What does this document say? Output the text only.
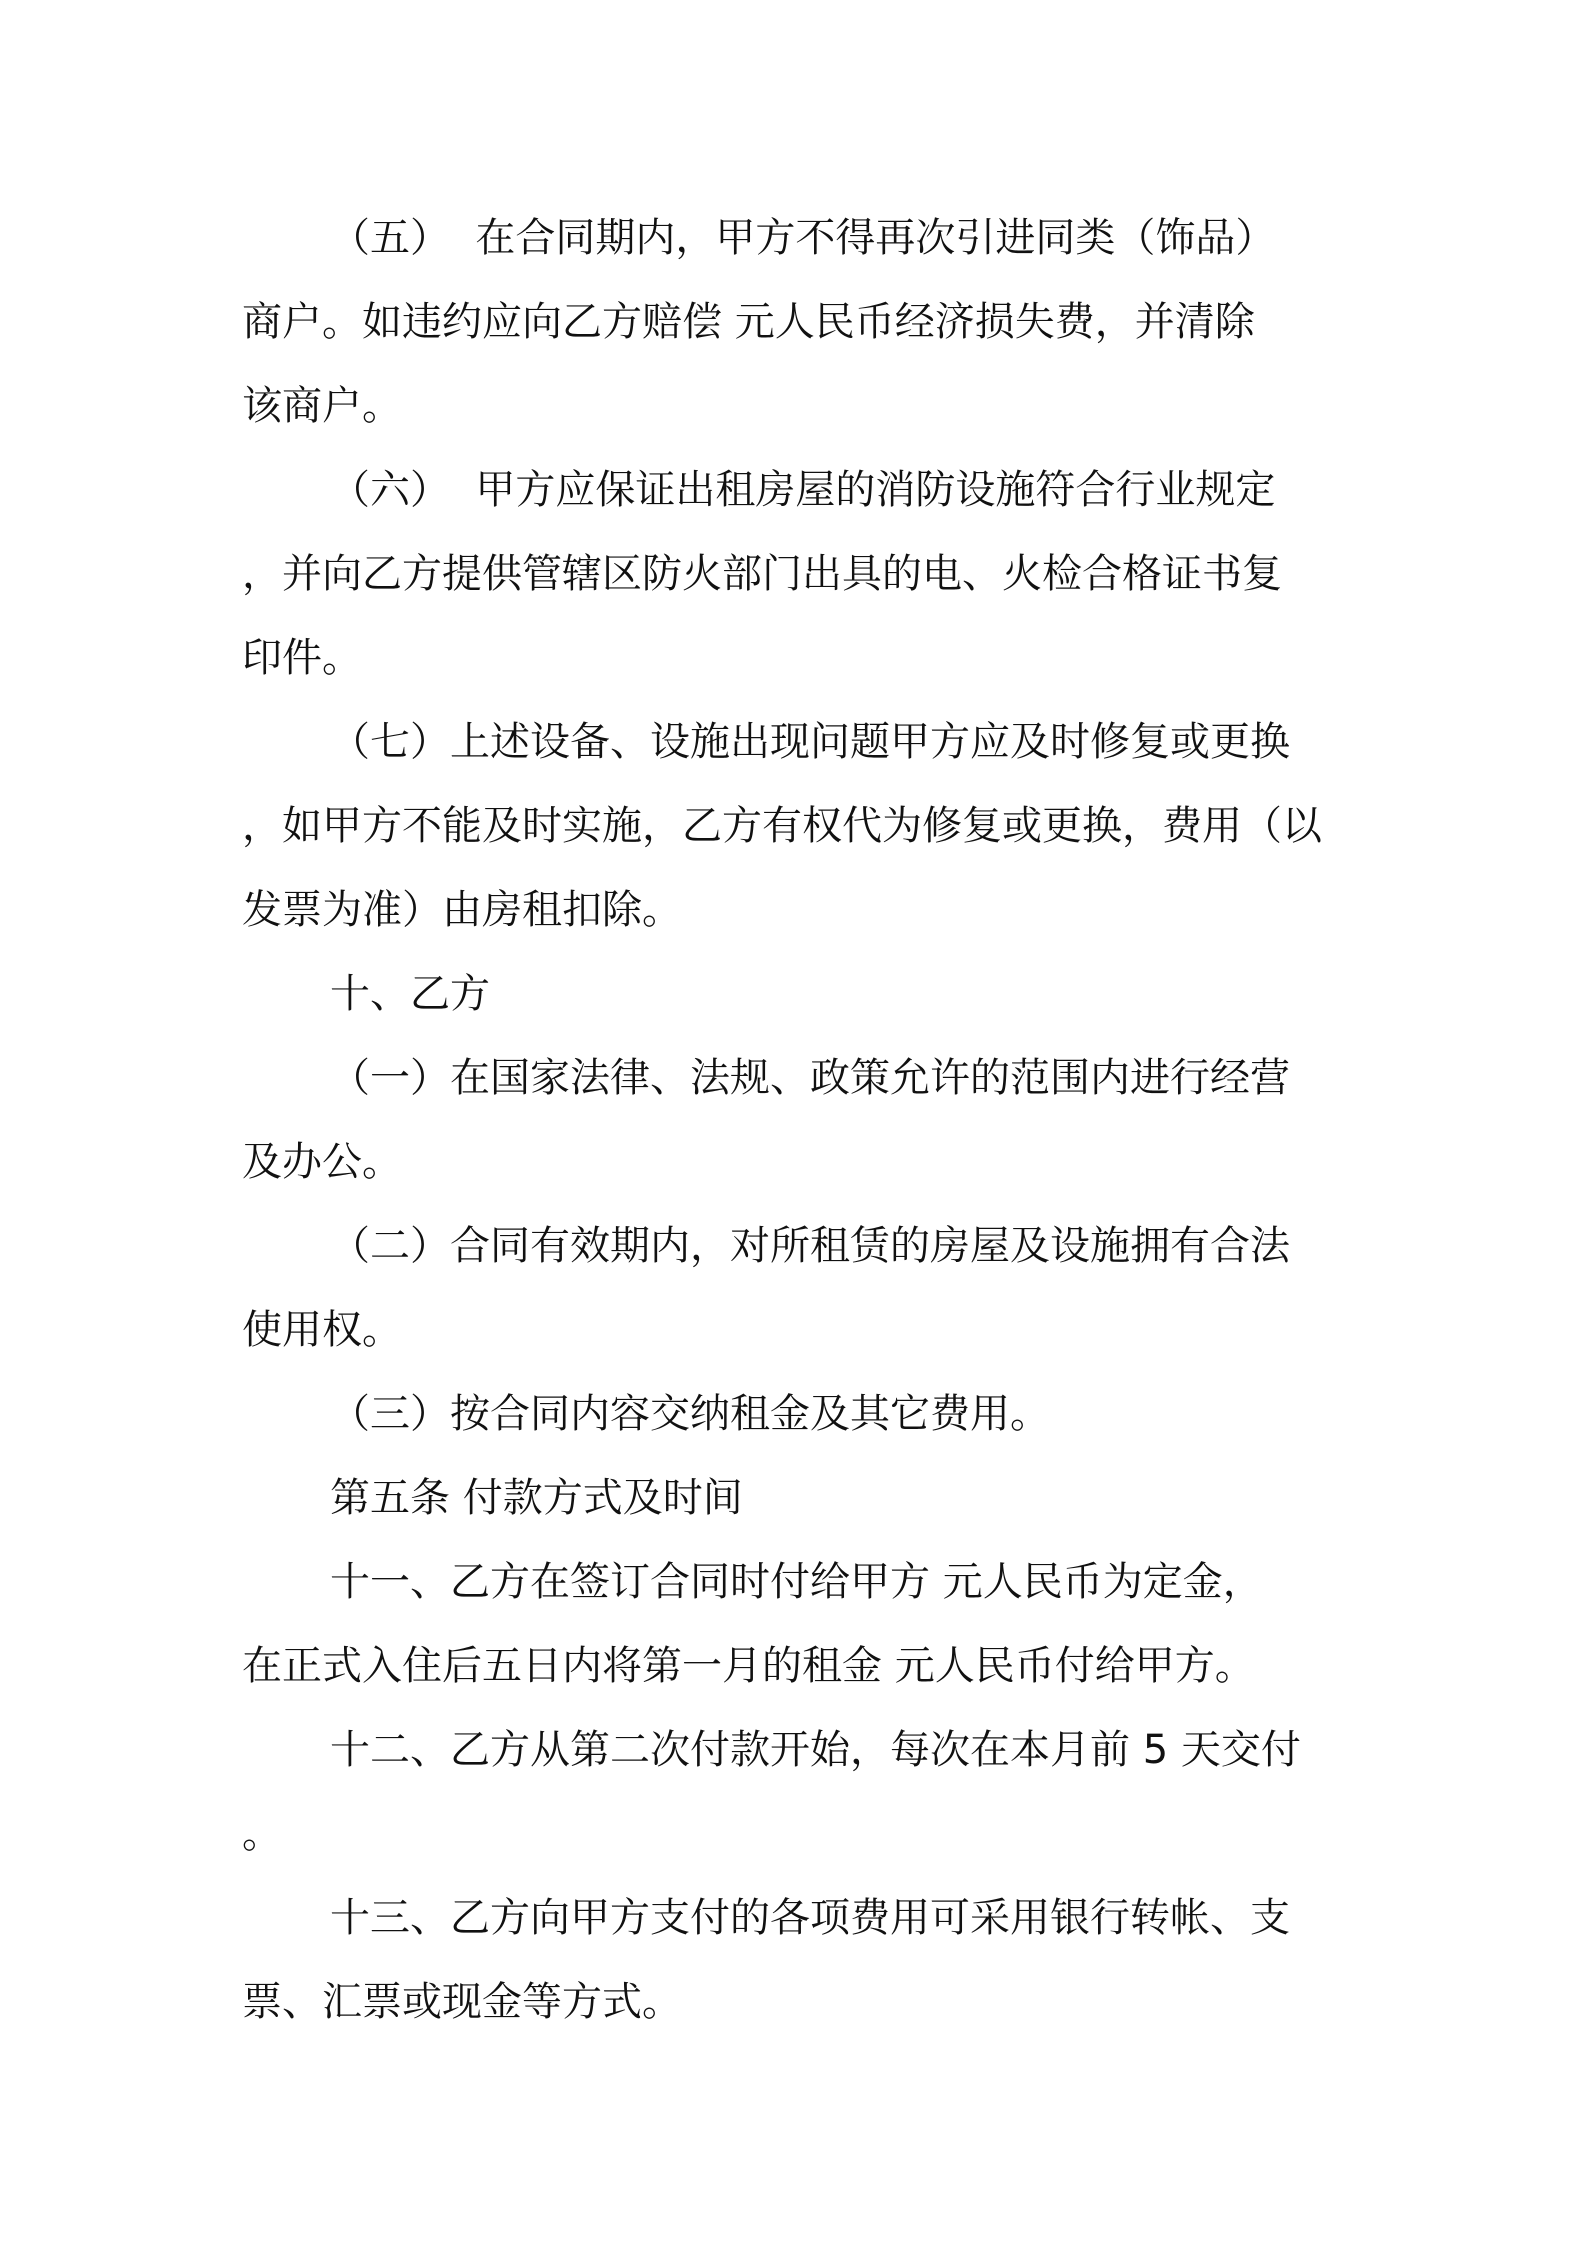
（五）  在合同期内，甲方不得再次引进同类（饰品）
商户。如违约应向乙方赔偿 元人民币经济损失费，并清除
该商户。

（六）  甲方应保证出租房屋的消防设施符合行业规定
，并向乙方提供管辖区防火部门出具的电、火检合格证书复
印件。

（七）上述设备、设施出现问题甲方应及时修复或更换
，如甲方不能及时实施，乙方有权代为修复或更换，费用（以
发票为准）由房租扣除。

十、乙方

（一）在国家法律、法规、政策允许的范围内进行经营
及办公。

（二）合同有效期内，对所租赁的房屋及设施拥有合法
使用权。

（三）按合同内容交纳租金及其它费用。

第五条 付款方式及时间

十一、乙方在签订合同时付给甲方 元人民币为定金，
在正式入住后五日内将第一月的租金 元人民币付给甲方。

十二、乙方从第二次付款开始，每次在本月前 5 天交付
。

十三、乙方向甲方支付的各项费用可采用银行转帐、支
票、汇票或现金等方式。
